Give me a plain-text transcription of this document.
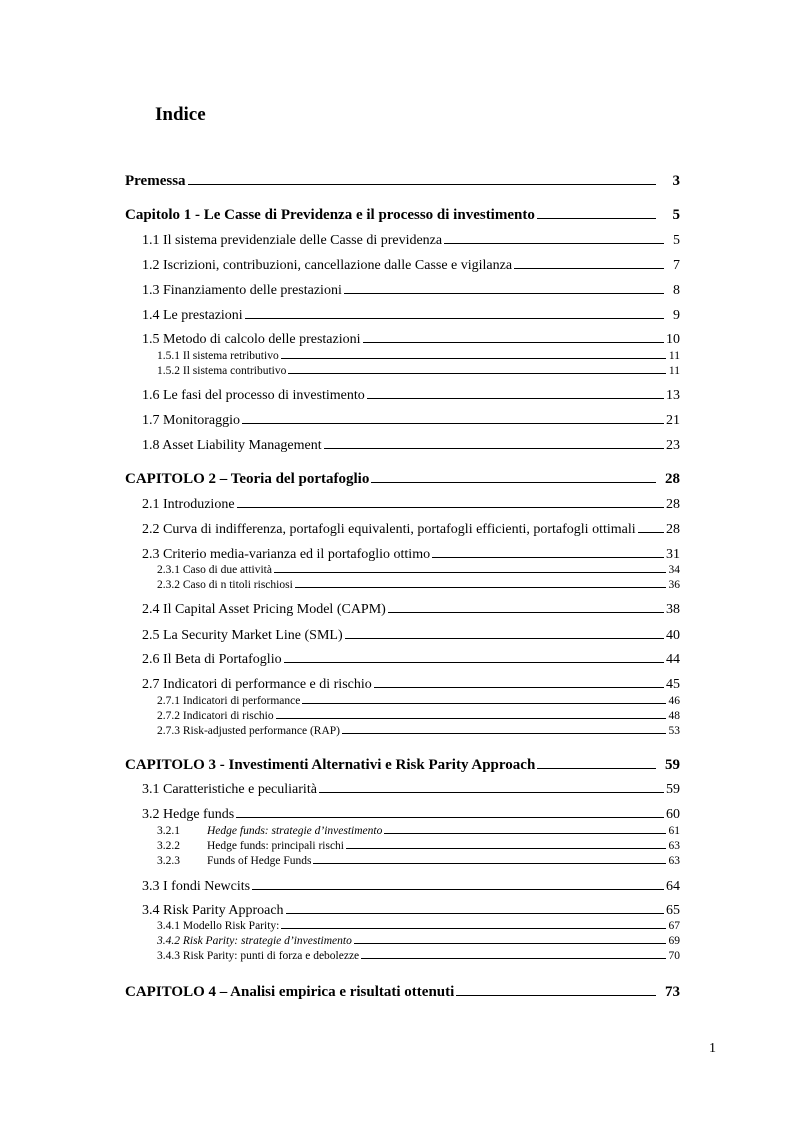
Indice
Premessa	3
Capitolo 1 - Le Casse di Previdenza e il processo di investimento	5
1.1 Il sistema previdenziale delle Casse di previdenza	5
1.2 Iscrizioni, contribuzioni, cancellazione dalle Casse e vigilanza	7
1.3 Finanziamento delle prestazioni	8
1.4 Le prestazioni	9
1.5 Metodo di calcolo delle prestazioni	10
1.5.1 Il sistema retributivo	11
1.5.2 Il sistema contributivo	11
1.6 Le fasi del processo di investimento	13
1.7 Monitoraggio	21
1.8 Asset Liability Management	23
CAPITOLO 2 – Teoria del portafoglio	28
2.1 Introduzione	28
2.2 Curva di indifferenza, portafogli equivalenti, portafogli efficienti, portafogli ottimali 28
2.3 Criterio media-varianza ed il portafoglio ottimo	31
2.3.1 Caso di due attività	34
2.3.2 Caso di n titoli rischiosi	36
2.4 Il Capital Asset Pricing Model (CAPM)	38
2.5 La Security Market Line (SML)	40
2.6 Il Beta di Portafoglio	44
2.7 Indicatori di performance e di rischio	45
2.7.1 Indicatori di performance	46
2.7.2 Indicatori di rischio	48
2.7.3 Risk-adjusted performance (RAP)	53
CAPITOLO 3 - Investimenti Alternativi e Risk Parity Approach	59
3.1 Caratteristiche e peculiarità	59
3.2 Hedge funds	60
3.2.1	Hedge funds: strategie d’investimento	61
3.2.2	Hedge funds: principali rischi	63
3.2.3	Funds of Hedge Funds	63
3.3 I fondi Newcits	64
3.4 Risk Parity Approach	65
3.4.1 Modello Risk Parity:	67
3.4.2 Risk Parity: strategie d’investimento	69
3.4.3 Risk Parity: punti di forza e debolezze	70
CAPITOLO 4 – Analisi empirica e risultati ottenuti	73
1
